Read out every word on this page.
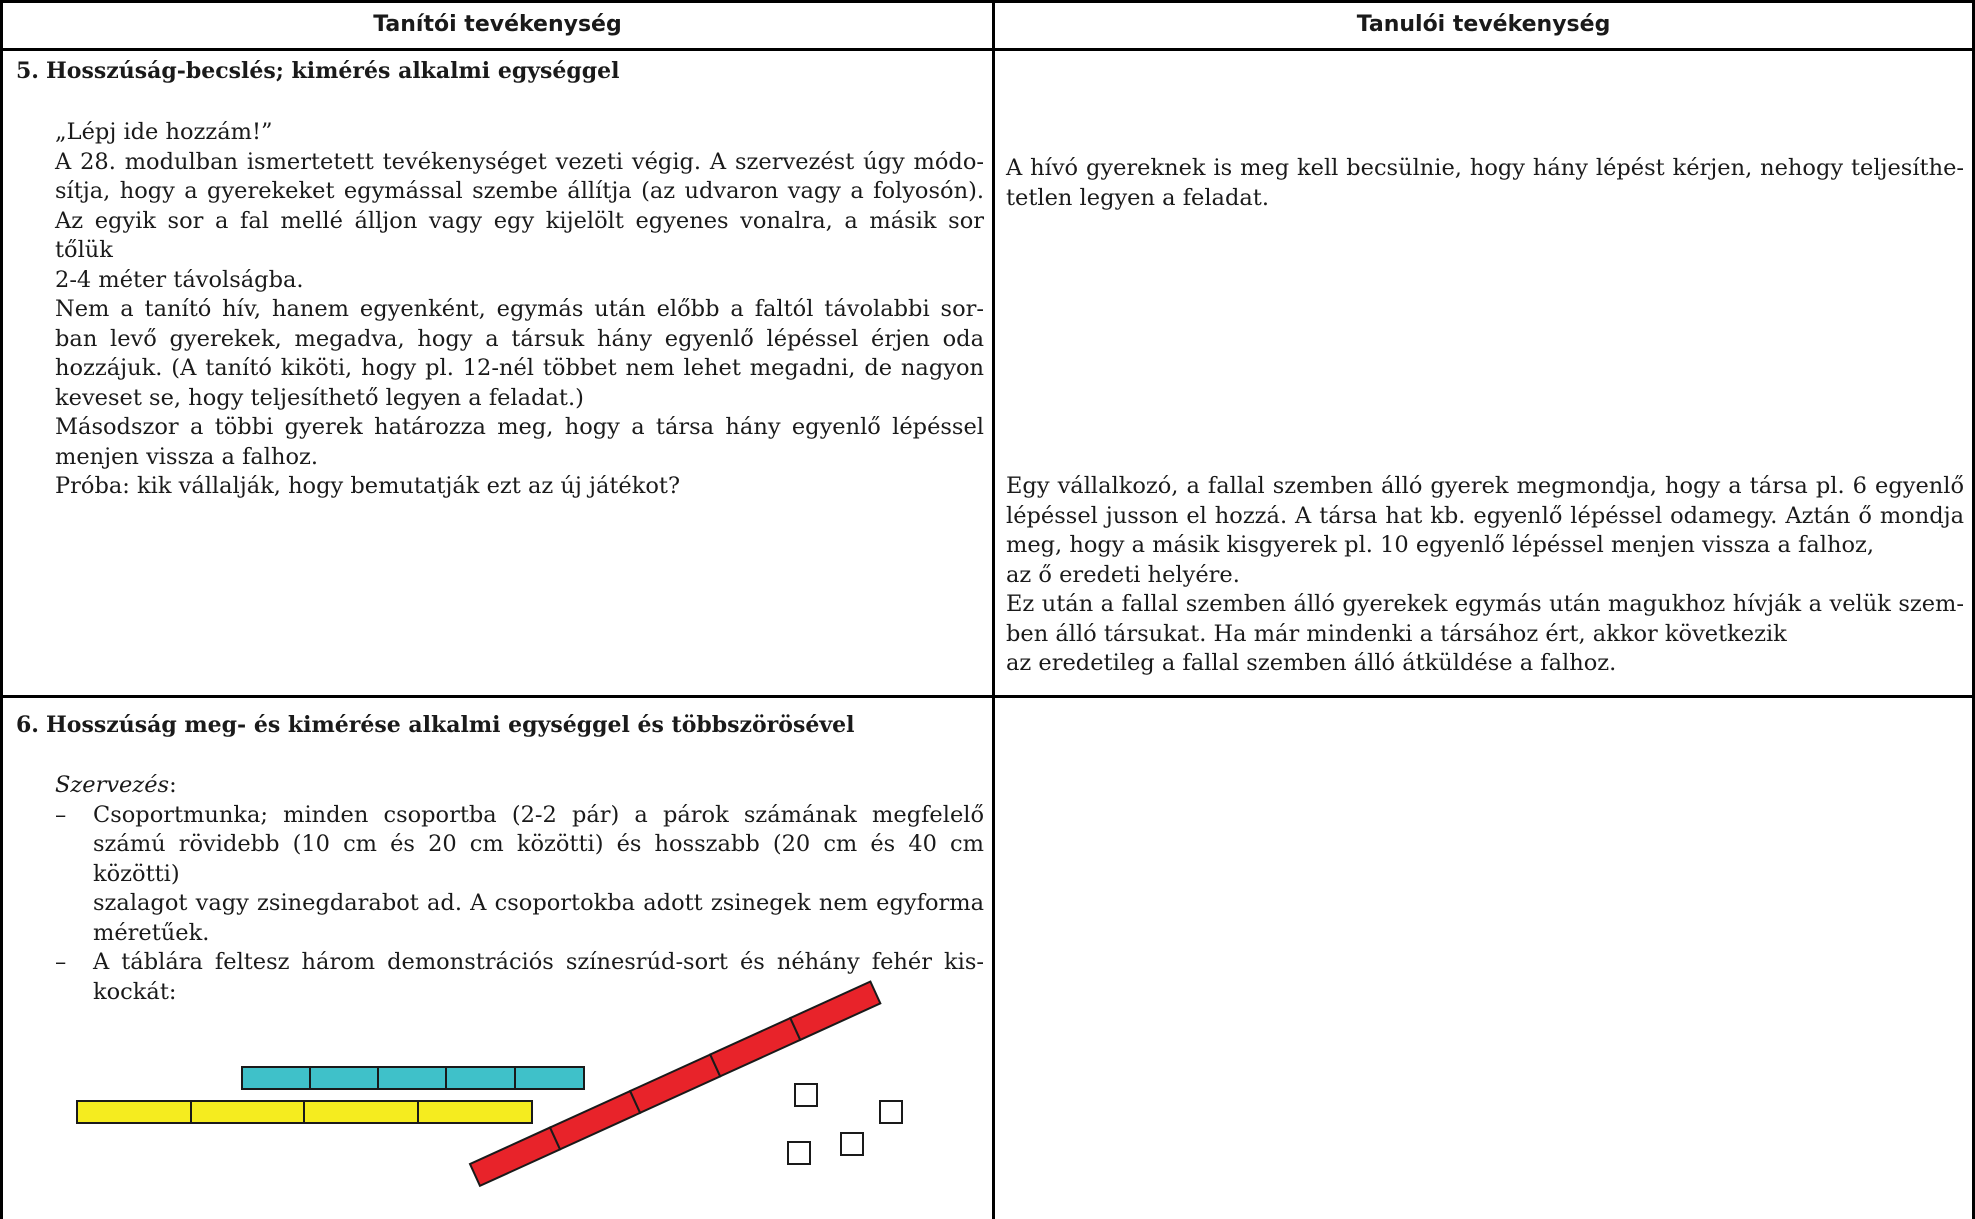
Tanítói tevékenység	Tanulói tevékenység
5. Hosszúság-becslés; kimérés alkalmi egységgel

„Lépj ide hozzám!”

A 28. modulban ismertetett tevékenységet vezeti végig. A szervezést úgy módo-

sítja, hogy a gyerekeket egymással szembe állítja (az udvaron vagy a folyosón).

Az egyik sor a fal mellé álljon vagy egy kijelölt egyenes vonalra, a másik sor tőlük

2-4 méter távolságba.

Nem a tanító hív, hanem egyenként, egymás után előbb a faltól távolabbi sor-

ban levő gyerekek, megadva, hogy a társuk hány egyenlő lépéssel érjen oda

hozzájuk. (A tanító kiköti, hogy pl. 12-nél többet nem lehet megadni, de nagyon

keveset se, hogy teljesíthető legyen a feladat.)

Másodszor a többi gyerek határozza meg, hogy a társa hány egyenlő lépéssel

menjen vissza a falhoz.

Próba: kik vállalják, hogy bemutatják ezt az új játékot?

A hívó gyereknek is meg kell becsülnie, hogy hány lépést kérjen, nehogy teljesíthe-

tetlen legyen a feladat.

Egy vállalkozó, a fallal szemben álló gyerek megmondja, hogy a társa pl. 6 egyenlő

lépéssel jusson el hozzá. A társa hat kb. egyenlő lépéssel odamegy. Aztán ő mondja

meg, hogy a másik kisgyerek pl. 10 egyenlő lépéssel menjen vissza a falhoz,

az ő eredeti helyére.

Ez után a fallal szemben álló gyerekek egymás után magukhoz hívják a velük szem-

ben álló társukat. Ha már mindenki a társához ért, akkor következik

az eredetileg a fallal szemben álló átküldése a falhoz.

6. Hosszúság meg- és kimérése alkalmi egységgel és többszörösével

Szervezés:

– Csoportmunka; minden csoportba (2-2 pár) a párok számának megfelelő

számú rövidebb (10 cm és 20 cm közötti) és hosszabb (20 cm és 40 cm közötti)

szalagot vagy zsinegdarabot ad. A csoportokba adott zsinegek nem egyforma

méretűek.

– A táblára feltesz három demonstrációs színesrúd-sort és néhány fehér kis-

kockát:
